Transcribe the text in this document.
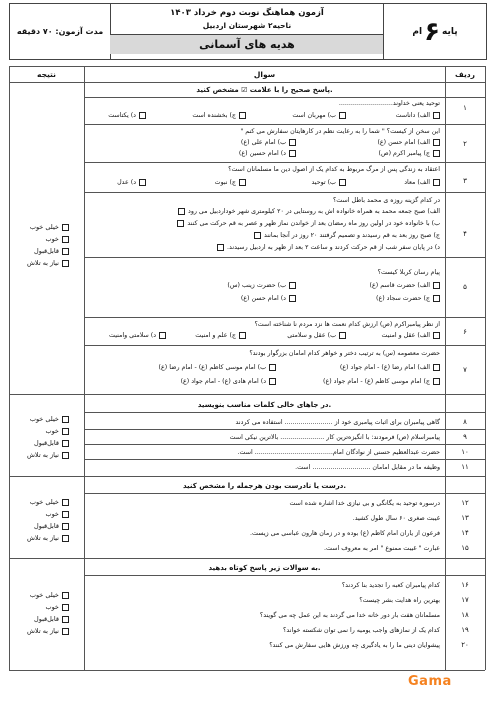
مدت آزمون: ۷۰ دقیقه
آزمون هماهنگ نوبت دوم خرداد ۱۴۰۳
ناحیه۲ شهرستان اردبیل
هدیه های آسمانی
پایه
۶
ام
ردیف
سوال
نتیجه
پاسخ صحیح را با علامت ☑ مشخص کنید.
۱
توحید یعنی خداوند...........................
الف) داناست
ب) مهربان است
ج) بخشنده است
د) یکتاست
۲
این سخن از کیست؟ " شما را به رعایت نظم در کارهایتان سفارش می کنم "
الف) امام حسن (ع)
ب) امام علی (ع)
ج) پیامبر اکرم (ص)
د) امام حسین (ع)
۳
اعتقاد به زندگی پس از مرگ مربوط به کدام یک از اصول دین ما مسلمانان است؟
الف) معاد
ب) توحید
ج) نبوت
د) عدل
۴
در کدام گزینه روزه ی محمد باطل است؟
الف) صبح جمعه محمد به همراه خانواده اش به روستایی در ۲۰ کیلومتری شهر خوداردبیل می رود
ب) با خانواده خود در اولین روز ماه رمضان بعد از خواندن نماز ظهر و عصر به قم حرکت می کنند
ج) صبح روز بعد به قم رسیدند و تصمیم گرفتند ۲۰ روز در آنجا بمانند
د) در پایان سفر شب از قم حرکت کردند و ساعت ۲ بعد از ظهر به اردبیل رسیدند.
۵
پیام رسان کربلا کیست؟
الف) حضرت قاسم (ع)
ب) حضرت زینب (س)
ج) حضرت سجاد (ع)
د) امام حسن (ع)
۶
از نظر پیامبراکرم (ص) ارزش کدام نعمت ها نزد مردم نا شناخته است؟
الف) عقل و امنیت
ب) عقل و سلامتی
ج) علم و امنیت
د) سلامتی وامنیت
۷
حضرت معصومه (س) به ترتیب دختر و خواهر کدام امامان بزرگوار بودند؟
الف) امام رضا (ع) - امام جواد (ع)
ب) امام موسی کاظم (ع) - امام رضا (ع)
ج) امام موسی کاظم (ع) - امام جواد (ع)
د) امام هادی (ع) - امام جواد (ع)
خیلی خوب
خوب
قابل‌قبول
نیاز به تلاش
در جاهای خالی کلمات مناسب بنویسید.
۸
گاهی پیامبران برای اثبات پیامبری خود از ........................ استفاده می کردند
۹
پیامبراسلام (ص) فرمودند: با انگیزه‌ترین کار ...................... بالاترین نیکی است
۱۰
حضرت عبدالعظیم حسنی از نوادگان امام....................................... است.
۱۱
وظیفه ما در مقابل امامان ............................. است.
خیلی خوب
خوب
قابل‌قبول
نیاز به تلاش
درست یا نادرست بودن هرجمله را مشخص کنید.
۱۲
درسوره توحید به یگانگی و بی نیازی خدا اشاره شده است
۱۳
غیبت صغری ۶۰ سال طول کشید.
۱۴
فرعون از یاران امام کاظم (ع) بوده و در زمان هارون عباسی می زیست.
۱۵
عبارت " غیبت ممنوع " امر به معروف است.
خیلی خوب
خوب
قابل‌قبول
نیاز به تلاش
به سوالات زیر پاسخ کوتاه بدهید.
۱۶
کدام پیامبران کعبه را تجدید بنا کردند؟
۱۷
بهترین راه هدایت بشر چیست؟
۱۸
مسلمانان هفت بار دور خانه خدا می گردند به این عمل چه می گویند؟
۱۹
کدام یک از نمازهای واجب یومیه را نمی توان شکسته خواند؟
۲۰
پیشوایان دینی ما را به یادگیری چه ورزش هایی سفارش می کنند؟
خیلی خوب
خوب
قابل‌قبول
نیاز به تلاش
Gama
